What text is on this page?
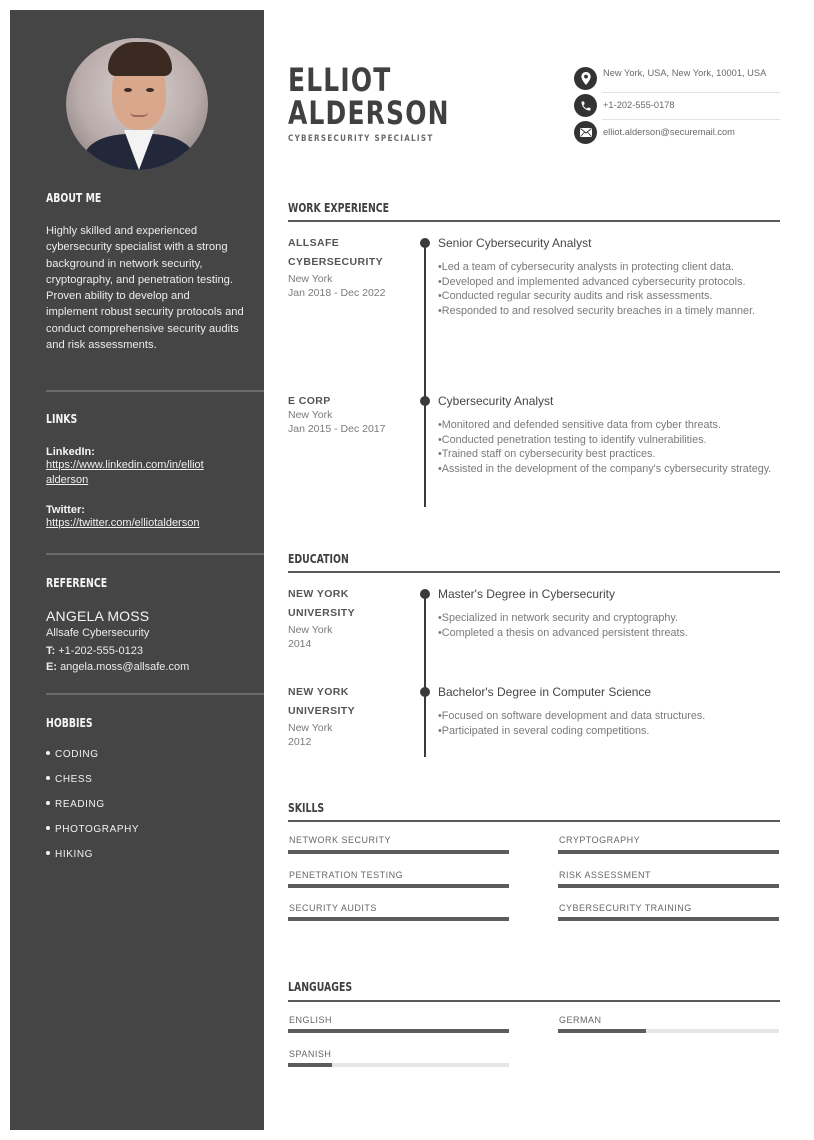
ABOUT ME
Highly skilled and experienced cybersecurity specialist with a strong background in network security, cryptography, and penetration testing. Proven ability to develop and implement robust security protocols and conduct comprehensive security audits and risk assessments.
LINKS
LinkedIn:
https://www.linkedin.com/in/elliot
alderson
Twitter:
https://twitter.com/elliotalderson
REFERENCE
ANGELA MOSS
Allsafe Cybersecurity
T: +1-202-555-0123
E: angela.moss@allsafe.com
HOBBIES
CODING
CHESS
READING
PHOTOGRAPHY
HIKING
ELLIOT
ALDERSON
CYBERSECURITY SPECIALIST
New York, USA, New York, 10001, USA
+1-202-555-0178
elliot.alderson@securemail.com
WORK EXPERIENCE
ALLSAFE
CYBERSECURITY
New York
Jan 2018 - Dec 2022
Senior Cybersecurity Analyst
• Led a team of cybersecurity analysts in protecting client data.
• Developed and implemented advanced cybersecurity protocols.
• Conducted regular security audits and risk assessments.
• Responded to and resolved security breaches in a timely manner.
E CORP
New York
Jan 2015 - Dec 2017
Cybersecurity Analyst
• Monitored and defended sensitive data from cyber threats.
• Conducted penetration testing to identify vulnerabilities.
• Trained staff on cybersecurity best practices.
• Assisted in the development of the company's cybersecurity strategy.
EDUCATION
NEW YORK
UNIVERSITY
New York
2014
Master's Degree in Cybersecurity
• Specialized in network security and cryptography.
• Completed a thesis on advanced persistent threats.
NEW YORK
UNIVERSITY
New York
2012
Bachelor's Degree in Computer Science
• Focused on software development and data structures.
• Participated in several coding competitions.
SKILLS
NETWORK SECURITY	CRYPTOGRAPHY
PENETRATION TESTING	RISK ASSESSMENT
SECURITY AUDITS	CYBERSECURITY TRAINING
LANGUAGES
ENGLISH	GERMAN
SPANISH
